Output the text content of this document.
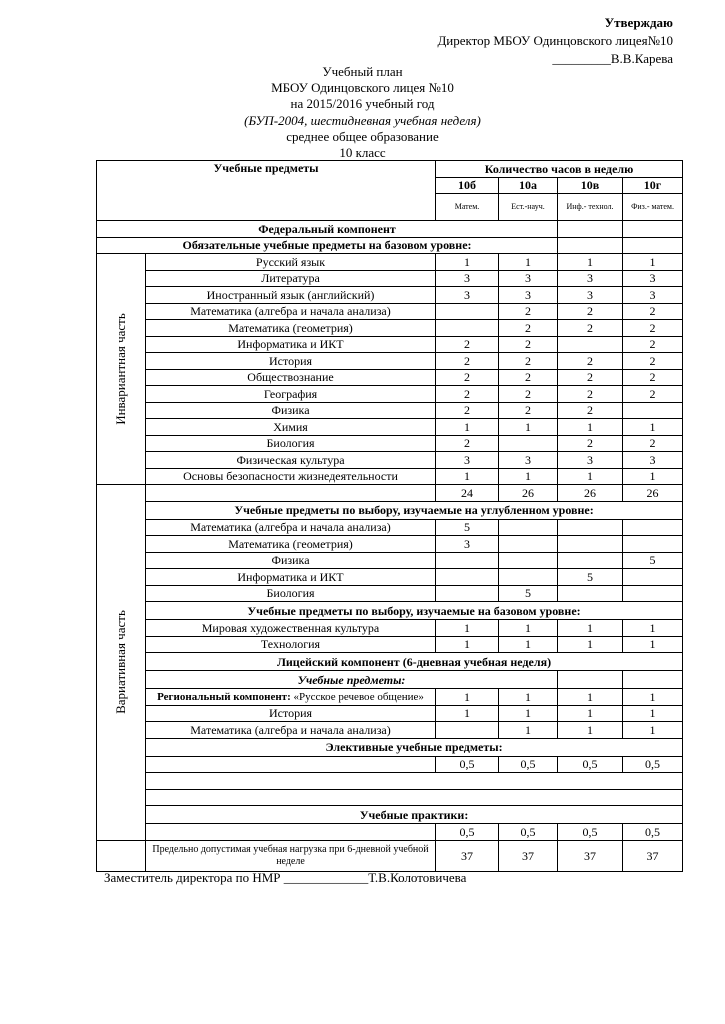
Утверждаю
Директор МБОУ Одинцовского лицея№10
_________В.В.Карева
Учебный план
МБОУ Одинцовского лицея №10
на 2015/2016 учебный год
(БУП-2004, шестидневная учебная неделя)
среднее общее образование
10 класс
Учебные предметы		Количество часов в неделю			
		10б	10а	10в	10г
		Матем.	Ест.-науч.	Инф.- технол.	Физ.- матем.
Федеральный компонент					
Обязательные учебные предметы на базовом уровне:					

Инвариантная часть	Русский язык	1	1	1	1
	Литература	3	3	3	3
	Иностранный язык (английский)	3	3	3	3
	Математика (алгебра и начала анализа)		2	2	2
	Математика (геометрия)		2	2	2
	Информатика и ИКТ	2	2		2
	История	2	2	2	2
	Обществознание	2	2	2	2
	География	2	2	2	2
	Физика	2	2	2	
	Химия	1	1	1	1
	Биология	2		2	2
	Физическая культура	3	3	3	3
	Основы безопасности жизнедеятельности	1	1	1	1

Вариативная часть		24	26	26	26
	Учебные предметы по выбору, изучаемые на углубленном уровне:				
	Математика (алгебра и начала анализа)	5			
	Математика (геометрия)	3			
	Физика				5
	Информатика и ИКТ			5	
	Биология		5		
	Учебные предметы по выбору, изучаемые на базовом уровне:				
	Мировая художественная культура	1	1	1	1
	Технология	1	1	1	1
	Лицейский компонент (6-дневная учебная неделя)				
	Учебные предметы:				
	Региональный компонент: «Русское речевое общение»	1	1	1	1
	История	1	1	1	1
	Математика (алгебра и начала анализа)		1	1	1
	Элективные учебные предметы:				
		0,5	0,5	0,5	0,5

	Учебные практики:				
		0,5	0,5	0,5	0,5
	Предельно допустимая учебная нагрузка при 6-дневной учебной неделе	37	37	37	37
Заместитель директора по НМР _____________Т.В.Колотовичева
